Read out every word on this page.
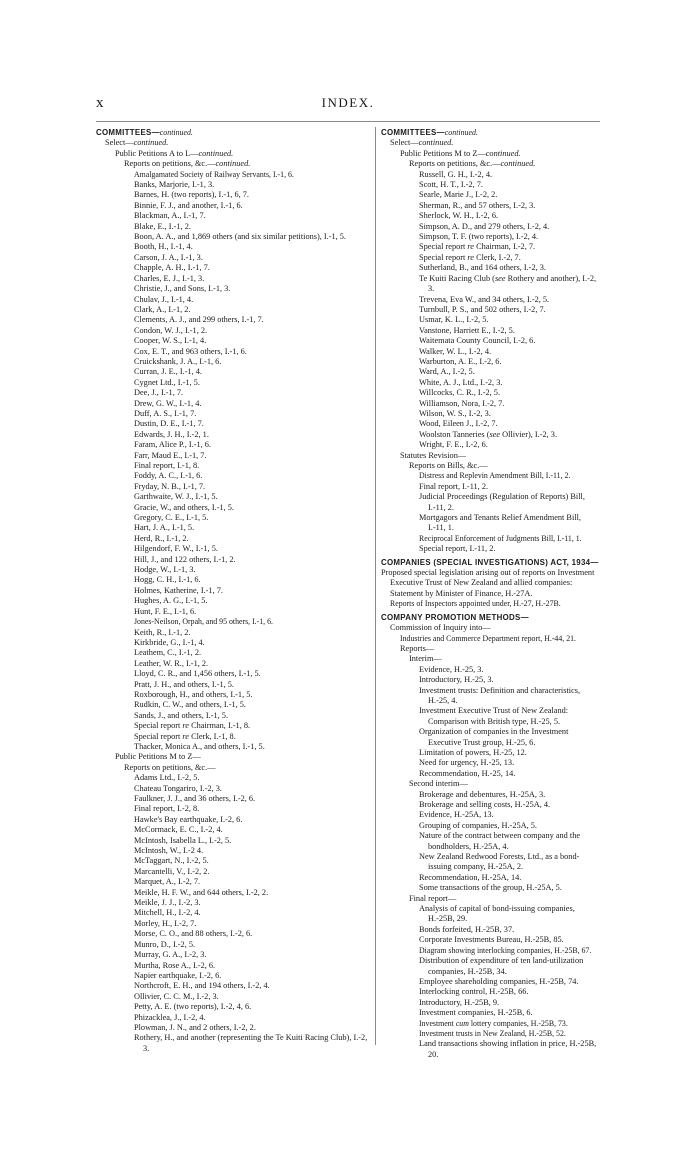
x	INDEX.
COMMITTEES—continued.
Select—continued.
Public Petitions A to L—continued.
Reports on petitions, &c.—continued.
Amalgamated Society of Railway Servants, I.-1, 6.
Banks, Marjorie, I.-1, 3.
Barnes, H. (two reports), I.-1, 6, 7.
Binnie, F. J., and another, I.-1, 6.
Blackman, A., I.-1, 7.
Blake, E., I.-1, 2.
Boon, A. A., and 1,869 others (and six similar petitions), I.-1, 5.
Booth, H., I.-1, 4.
Carson, J. A., I.-1, 3.
Chapple, A. H., I.-1, 7.
Charles, E. J., I.-1, 3.
Christie, J., and Sons, I.-1, 3.
Chulav, J., I.-1, 4.
Clark, A., I.-1, 2.
Clements, A. J., and 299 others, I.-1, 7.
Condon, W. J., I.-1, 2.
Cooper, W. S., I.-1, 4.
Cox, E. T., and 963 others, I.-1, 6.
Cruickshank, J. A., I.-1, 6.
Curran, J. E., I.-1, 4.
Cygnet Ltd., I.-1, 5.
Dee, J., I.-1, 7.
Drew, G. W., I.-1, 4.
Duff, A. S., I.-1, 7.
Dustin, D. E., I.-1, 7.
Edwards, J. H., I.-2, 1.
Faram, Alice P., I.-1, 6.
Farr, Maud E., I.-1, 7.
Final report, I.-1, 8.
Foddy, A. C., I.-1, 6.
Fryday, N. B., I.-1, 7.
Garthwaite, W. J., I.-1, 5.
Gracie, W., and others, I.-1, 5.
Gregory, C. E., I.-1, 5.
Hart, J. A., I.-1, 5.
Herd, R., I.-1, 2.
Hilgendorf, F. W., I.-1, 5.
Hill, J., and 122 others, I.-1, 2.
Hodge, W., I.-1, 3.
Hogg, C. H., I.-1, 6.
Holmes, Katherine, I.-1, 7.
Hughes, A. G., I.-1, 5.
Hunt, F. E., I.-1, 6.
Jones-Neilson, Orpah, and 95 others, I.-1, 6.
Keith, R., I.-1, 2.
Kirkbride, G., I.-1, 4.
Leathem, C., I.-1, 2.
Leather, W. R., I.-1, 2.
Lloyd, C. R., and 1,456 others, I.-1, 5.
Pratt, J. H., and others, I.-1, 5.
Roxborough, H., and others, I.-1, 5.
Rudkin, C. W., and others, I.-1, 5.
Sands, J., and others, I.-1, 5.
Special report re Chairman, I.-1, 8.
Special report re Clerk, I.-1, 8.
Thacker, Monica A., and others, I.-1, 5.
Public Petitions M to Z—
Reports on petitions, &c.—
Adams Ltd., I.-2, 5.
Chateau Tongariro, I.-2, 3.
Faulkner, J. J., and 36 others, I.-2, 6.
Final report, I.-2, 8.
Hawke's Bay earthquake, I.-2, 6.
McCormack, E. C., I.-2, 4.
McIntosh, Isabella L., I.-2, 5.
McIntosh, W., I.-2 4.
McTaggart, N., I.-2, 5.
Marcantelli, V., I.-2, 2.
Marquet, A., I.-2, 7.
Meikle, H. F. W., and 644 others, I.-2, 2.
Meikle, J. J., I.-2, 3.
Mitchell, H., I.-2, 4.
Morley, H., I.-2, 7.
Morse, C. O., and 88 others, I.-2, 6.
Munro, D., I.-2, 5.
Murray, G. A., I.-2, 3.
Murtha, Rose A., I.-2, 6.
Napier earthquake, I.-2, 6.
Northcroft, E. H., and 194 others, I.-2, 4.
Ollivier, C. C. M., I.-2, 3.
Petty, A. E. (two reports), I.-2, 4, 6.
Phizacklea, J., I.-2, 4.
Plowman, J. N., and 2 others, I.-2, 2.
Rothery, H., and another (representing the Te Kuiti Racing Club), I.-2, 3.
COMMITTEES—continued.
Select—continued.
Public Petitions M to Z—continued.
Reports on petitions, &c.—continued.
Russell, G. H., I.-2, 4.
Scott, H. T., I.-2, 7.
Searle, Marie J., I.-2, 2.
Sherman, R., and 57 others, I.-2, 3.
Sherlock, W. H., I.-2, 6.
Simpson, A. D., and 279 others, I.-2, 4.
Simpson, T. F. (two reports), I.-2, 4.
Special report re Chairman, I.-2, 7.
Special report re Clerk, I.-2, 7.
Sutherland, B., and 164 others, I.-2, 3.
Te Kuiti Racing Club (see Rothery and another), I.-2, 3.
Trevena, Eva W., and 34 others, I.-2, 5.
Turnbull, P. S., and 502 others, I.-2, 7.
Usmar, K. L., I.-2, 5.
Vanstone, Harriett E., I.-2, 5.
Waitemata County Council, I.-2, 6.
Walker, W. L., I.-2, 4.
Warburton, A. E., I.-2, 6.
Ward, A., I.-2, 5.
White, A. J., Ltd., I.-2, 3.
Willcocks, C. R., I.-2, 5.
Williamson, Nora, I.-2, 7.
Wilson, W. S., I.-2, 3.
Wood, Eileen J., I.-2, 7.
Woolston Tanneries (see Ollivier), I.-2, 3.
Wright, F. E., I.-2, 6.
Statutes Revision—
Reports on Bills, &c.—
Distress and Replevin Amendment Bill, I.-11, 2.
Final report, I.-11, 2.
Judicial Proceedings (Regulation of Reports) Bill, I.-11, 2.
Mortgagors and Tenants Relief Amendment Bill, I.-11, 1.
Reciprocal Enforcement of Judgments Bill, I.-11, 1.
Special report, I.-11, 2.
COMPANIES (SPECIAL INVESTIGATIONS) ACT, 1934—
Proposed special legislation arising out of reports on Investment Executive Trust of New Zealand and allied companies: Statement by Minister of Finance, H.-27A.
Reports of Inspectors appointed under, H.-27, H.-27B.
COMPANY PROMOTION METHODS—
Commission of Inquiry into—
Industries and Commerce Department report, H.-44, 21.
Reports—
Interim—
Evidence, H.-25, 3.
Introductory, H.-25, 3.
Investment trusts: Definition and characteristics, H.-25, 4.
Investment Executive Trust of New Zealand: Comparison with British type, H.-25, 5.
Organization of companies in the Investment Executive Trust group, H.-25, 6.
Limitation of powers, H.-25, 12.
Need for urgency, H.-25, 13.
Recommendation, H.-25, 14.
Second interim—
Brokerage and debentures, H.-25A, 3.
Brokerage and selling costs, H.-25A, 4.
Evidence, H.-25A, 13.
Grouping of companies, H.-25A, 5.
Nature of the contract between company and the bondholders, H.-25A, 4.
New Zealand Redwood Forests, Ltd., as a bond-issuing company, H.-25A, 2.
Recommendation, H.-25A, 14.
Some transactions of the group, H.-25A, 5.
Final report—
Analysis of capital of bond-issuing companies, H.-25B, 29.
Bonds forfeited, H.-25B, 37.
Corporate Investments Bureau, H.-25B, 85.
Diagram showing interlocking companies, H.-25B, 67.
Distribution of expenditure of ten land-utilization companies, H.-25B, 34.
Employee shareholding companies, H.-25B, 74.
Interlocking control, H.-25B, 66.
Introductory, H.-25B, 9.
Investment companies, H.-25B, 6.
Investment cum lottery companies, H.-25B, 73.
Investment trusts in New Zealand, H.-25B, 52.
Land transactions showing inflation in price, H.-25B, 20.
